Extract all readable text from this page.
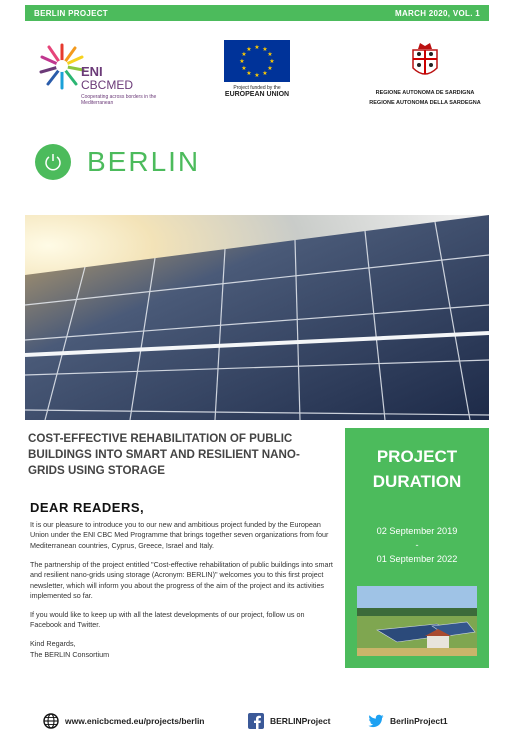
BERLIN PROJECT	MARCH 2020, VOL. 1
ENI
CBCMED
Cooperating across borders in the Mediterranean
★ ★
★
★
★
★
★
★
★
★
★
★
Project funded by the
EUROPEAN UNION	REGIONE AUTONOMA DE SARDIGNA
REGIONE AUTONOMA DELLA SARDEGNA
BERLIN
COST-EFFECTIVE REHABILITATION OF PUBLIC BUILDINGS INTO SMART AND RESILIENT NANO-GRIDS USING STORAGE
DEAR READERS,

It is our pleasure to introduce you to our new and ambitious project funded by the European Union under the ENI CBC Med Programme that brings together seven organizations from four Mediterranean countries, Cyprus, Greece, Israel and Italy.

The partnership of the project entitled "Cost-effective rehabilitation of public buildings into smart and resilient nano-grids using storage (Acronym: BERLIN)" welcomes you to this first project newsletter, which will inform you about the progress of the aim of the project and its activities implemented so far.

If you would like to keep up with all the latest developments of our project, follow us on Facebook and Twitter.

Kind Regards,
The BERLIN Consortium
PROJECT
DURATION
02 September 2019
-
01 September 2022
www.enicbcmed.eu/projects/berlin	BERLINProject	BerlinProject1
